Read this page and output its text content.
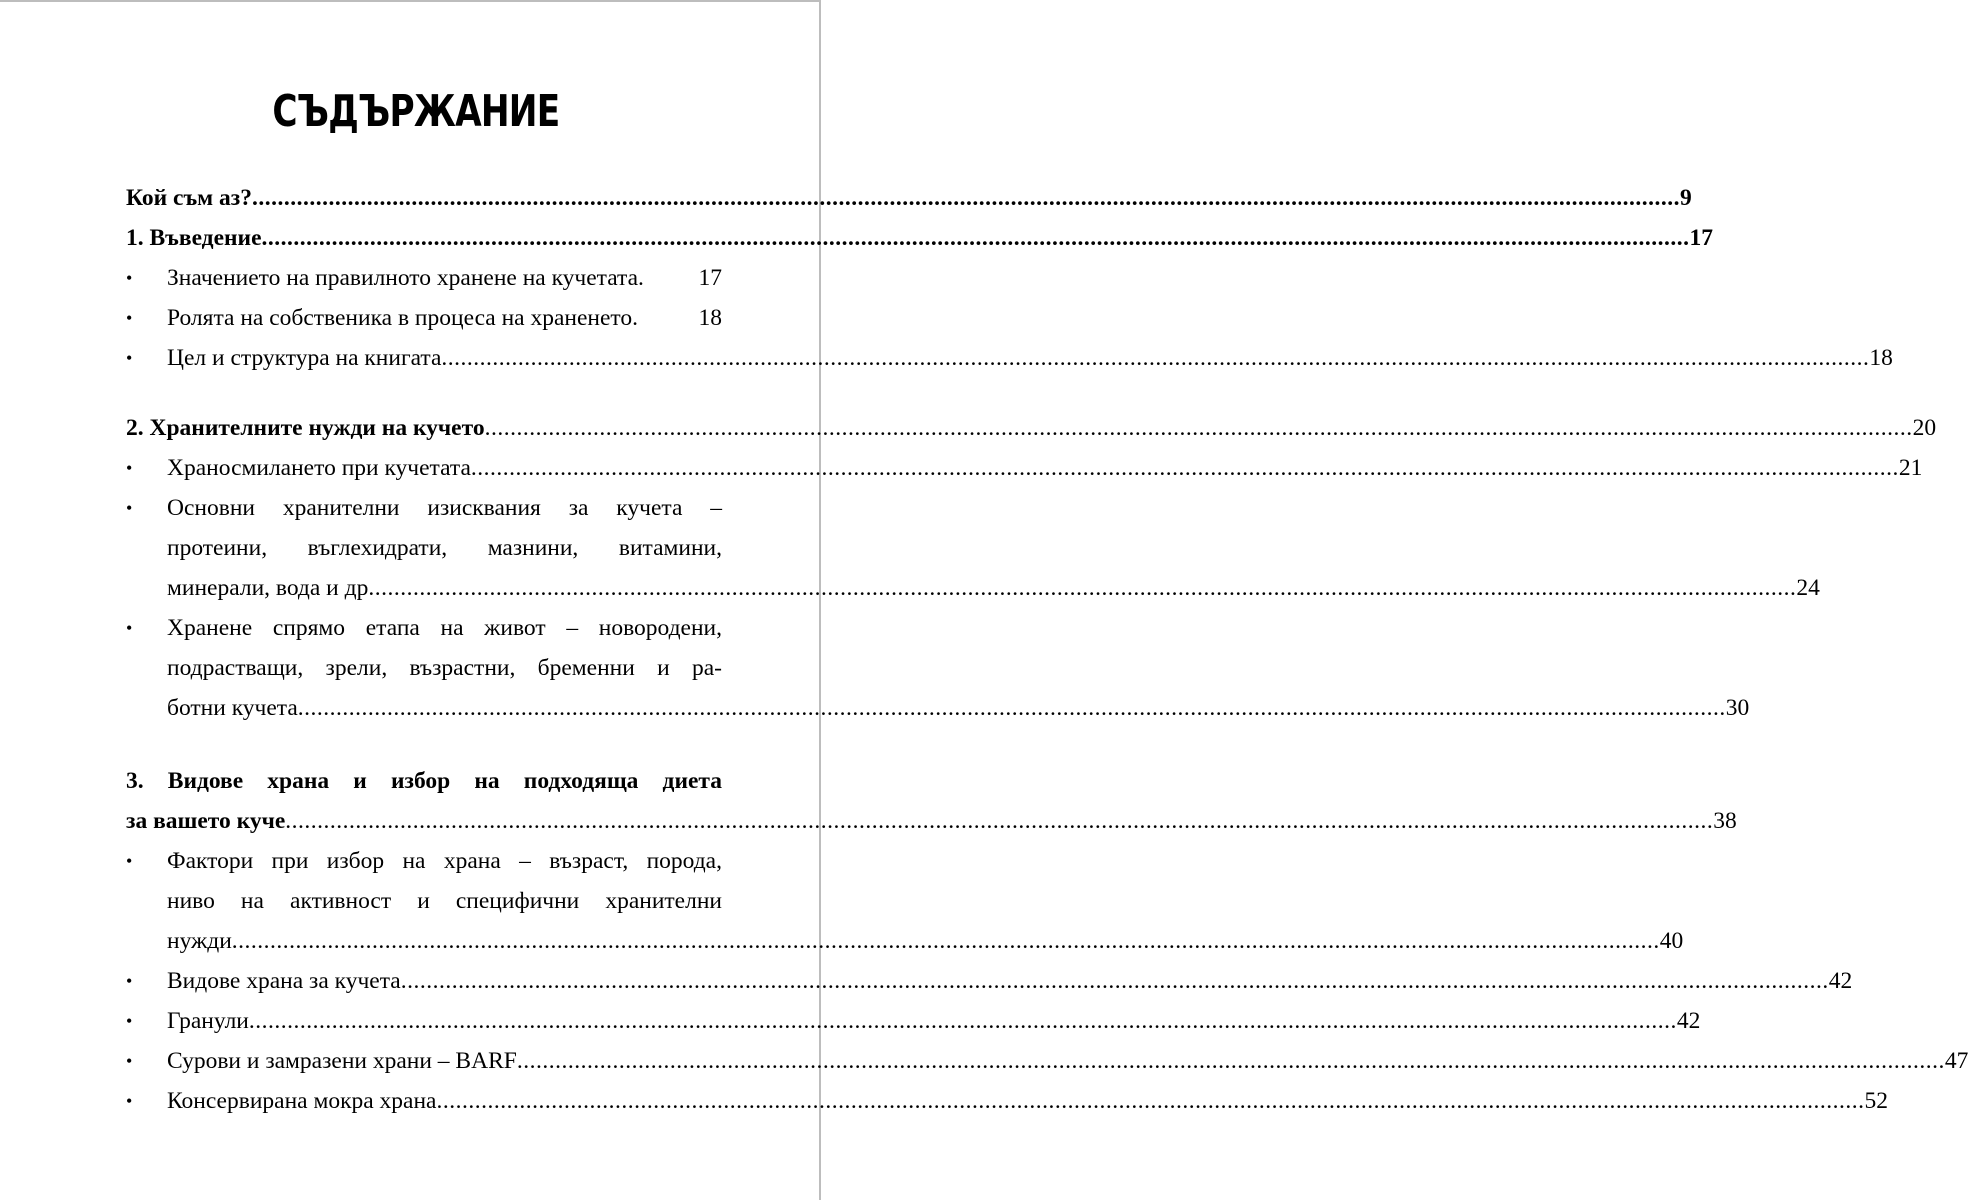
СЪДЪРЖАНИЕ
Кой съм аз? ................................................................................................................................................................................................................................ 9
1. Въведение ................................................................................................................................................................................................................................ 17
• Значението на правилното хранене на кучетата. 17
• Ролята на собственика в процеса на храненето.	18
• Цел и структура на книгата ................................................................................................................................................................................................................................ 18
2. Хранителните нужди на кучето ................................................................................................................................................................................................................................ 20
• Храносмилането при кучетата ................................................................................................................................................................................................................................ 21
• Основни хранителни изисквания за кучета –
протеини, въглехидрати, мазнини, витамини,
минерали, вода и др ................................................................................................................................................................................................................................ 24
• Хранене спрямо етапа на живот – новородени,
подрастващи, зрели, възрастни, бременни и ра-
ботни кучета ................................................................................................................................................................................................................................ 30
3. Видове храна и избор на подходяща диета
за вашето куче ................................................................................................................................................................................................................................ 38
• Фактори при избор на храна – възраст, порода,
ниво на активност и специфични хранителни
нужди ................................................................................................................................................................................................................................ 40
• Видове храна за кучета ................................................................................................................................................................................................................................ 42
• Гранули ................................................................................................................................................................................................................................ 42
• Сурови и замразени храни – BARF ................................................................................................................................................................................................................................ 47
• Консервирана мокра храна ................................................................................................................................................................................................................................ 52
